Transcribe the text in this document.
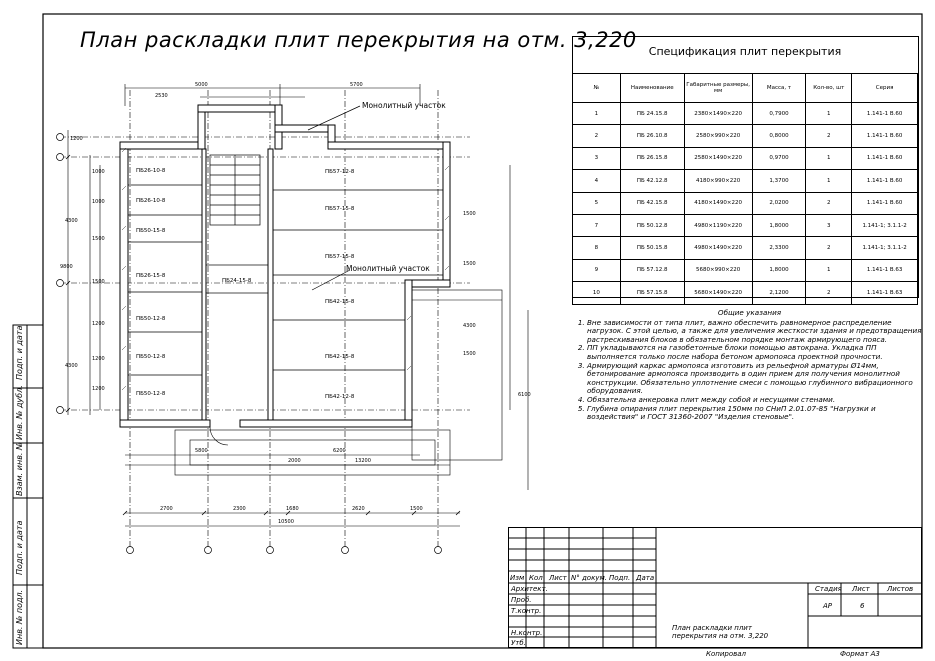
Подп. и дата
Инв. № дубл.
Взам. инв. №
Подп. и дата
Инв. № подл.
План раскладки плит перекрытия на отм. 3,220
ПБ26-10-8
ПБ26-10-8
ПБ50-15-8
ПБ26-15-8
ПБ50-12-8
ПБ50-12-8
ПБ50-12-8
ПБ24-15-8
ПБ57-12-8
ПБ57-15-8
ПБ57-15-8
ПБ42-15-8
ПБ42-15-8
ПБ42-12-8
Монолитный участок
Монолитный участок
5000	5700
2530
1200
1000
1000
1500
4300
1500
9800
1200
1200
4300
1200
1500
1500
4300
1500
6100
5800	6200
2000	13200
2700	2300	1680	2620	1500
10500
Спецификация плит перекрытия
№	Наименование	Габаритные размеры, мм	Масса, т	Кол-во, шт	Серия
1	ПБ 24.15.8	2380×1490×220	0,7900	1	1.141-1 В.60
2	ПБ 26.10.8	2580×990×220	0,8000	2	1.141-1 В.60
3	ПБ 26.15.8	2580×1490×220	0,9700	1	1.141-1 В.60
4	ПБ 42.12.8	4180×990×220	1,3700	1	1.141-1 В.60
5	ПБ 42.15.8	4180×1490×220	2,0200	2	1.141-1 В.60
7	ПБ 50.12.8	4980×1190×220	1,8000	3	1.141-1; 3.1.1-2
8	ПБ 50.15.8	4980×1490×220	2,3300	2	1.141-1; 3.1.1-2
9	ПБ 57.12.8	5680×990×220	1,8000	1	1.141-1 В.63
10	ПБ 57.15.8	5680×1490×220	2,1200	2	1.141-1 В.63
Общие указания
1. Вне зависимости от типа плит, важно обеспечить равномерное распределение нагрузок. С этой целью, а также для увеличения жесткости здания и предотвращения растрескивания блоков в обязательном порядке монтаж армирующего пояса.
2. ПП укладываются на газобетонные блоки помощью автокрана. Укладка ПП выполняется только после набора бетоном армопояса проектной прочности.
3. Армирующий каркас армопояса изготовить из рельефной арматуры Ø14мм, бетонирование армопояса производить в один прием для получения монолитной конструкции. Обязательно уплотнение смеси с помощью глубинного вибрационного оборудования.
4. Обязательна анкеровка плит между собой и несущими стенами.
5. Глубина опирания плит перекрытия 150мм по СНиП 2.01.07-85 "Нагрузки и воздействия" и ГОСТ 31360-2007 "Изделия стеновые".
Изм Кол Лист N° докум. Подп. Дата
Архитект.
Проб.
Т.контр.
Н.контр.
Утб.
Стадия Лист Листов
АР	6
План раскладки плит перекрытия на отм. 3,220
Копировал	Формат А3
